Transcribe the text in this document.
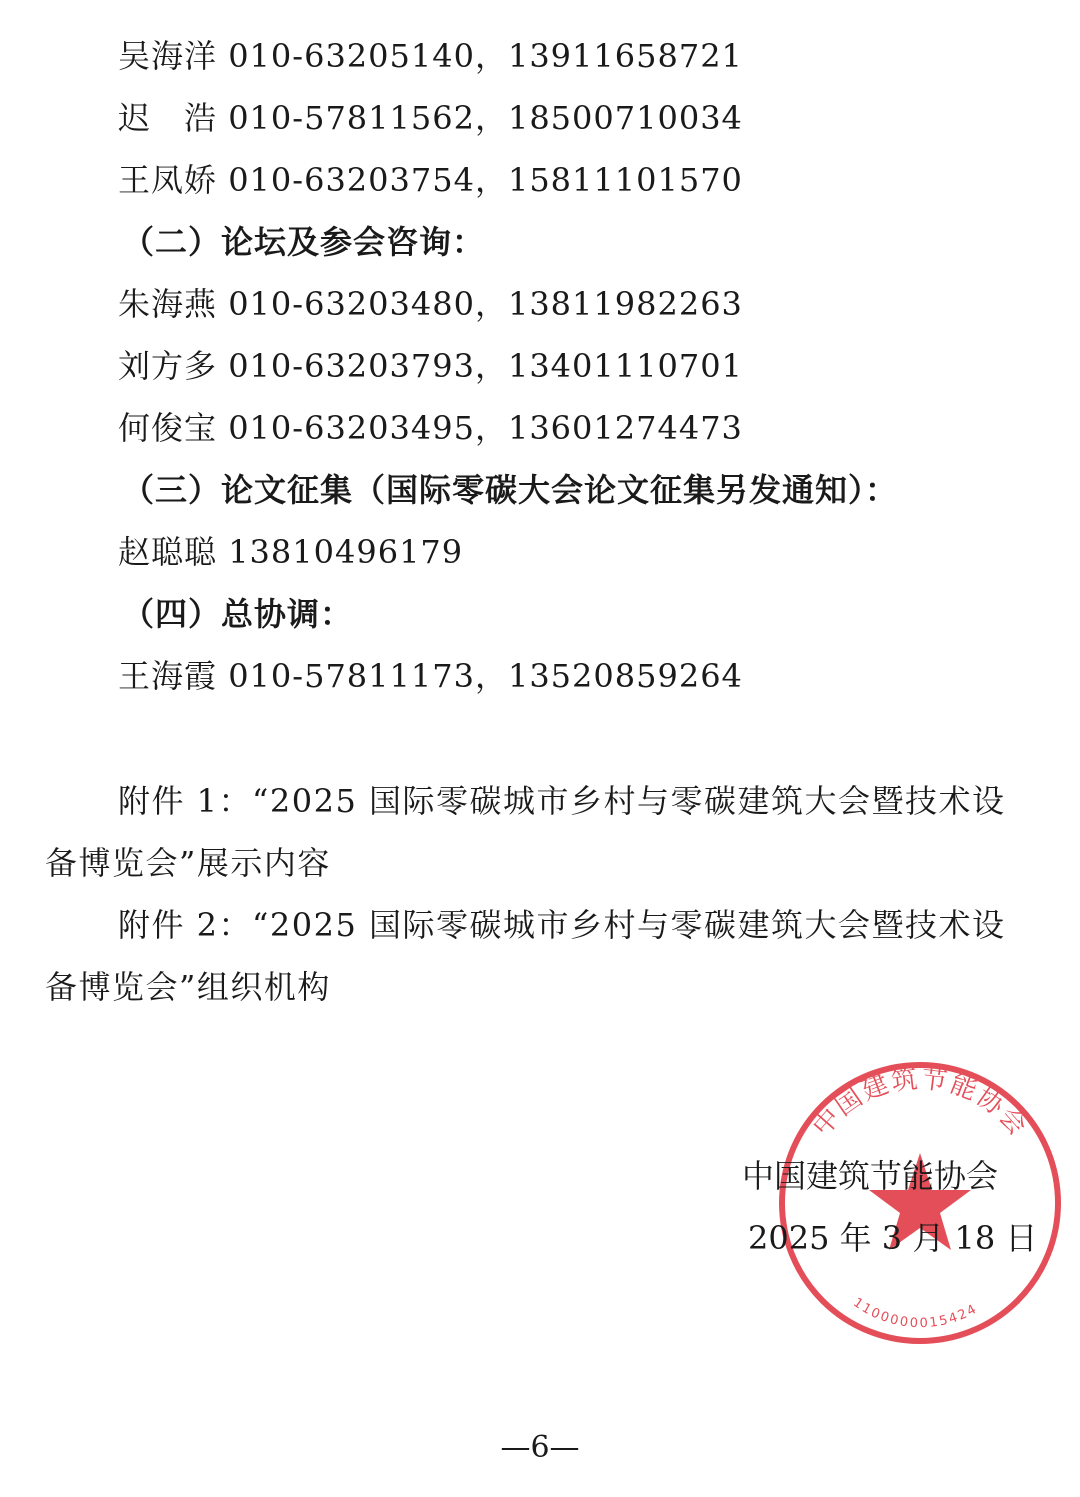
吴海洋 010-63205140，13911658721
迟　浩 010-57811562，18500710034
王凤娇 010-63203754，15811101570
（二）论坛及参会咨询：
朱海燕 010-63203480，13811982263
刘方多 010-63203793，13401110701
何俊宝 010-63203495，13601274473
（三）论文征集（国际零碳大会论文征集另发通知）：
赵聪聪 13810496179
（四）总协调：
王海霞 010-57811173，13520859264
附件 1：“2025 国际零碳城市乡村与零碳建筑大会暨技术设备博览会”展示内容
附件 2：“2025 国际零碳城市乡村与零碳建筑大会暨技术设备博览会”组织机构
中国建筑节能协会
1100000015424
中国建筑节能协会
2025 年 3 月 18 日
—6—
